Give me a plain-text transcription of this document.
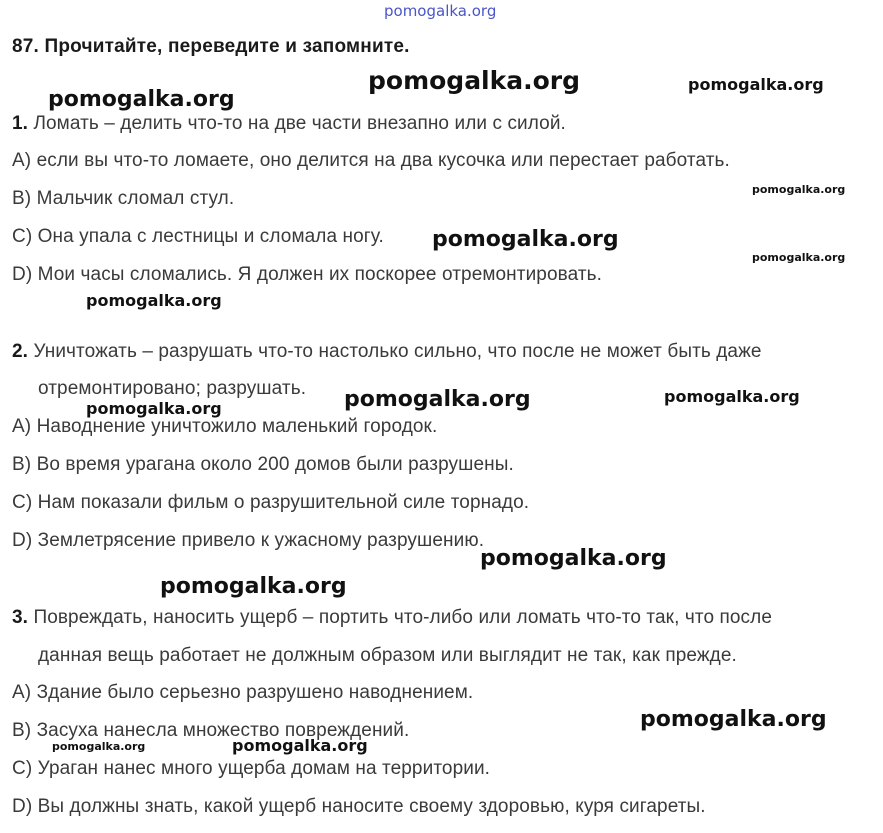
pomogalka.org
87. Прочитайте, переведите и запомните.
1. Ломать – делить что-то на две части внезапно или с силой.
A) если вы что-то ломаете, оно делится на два кусочка или перестает работать.
B) Мальчик сломал стул.
C) Она упала с лестницы и сломала ногу.
D) Мои часы сломались. Я должен их поскорее отремонтировать.
2. Уничтожать – разрушать что-то настолько сильно, что после не может быть даже
отремонтировано; разрушать.
A) Наводнение уничтожило маленький городок.
B) Во время урагана около 200 домов были разрушены.
C) Нам показали фильм о разрушительной силе торнадо.
D) Землетрясение привело к ужасному разрушению.
3. Повреждать, наносить ущерб – портить что-либо или ломать что-то так, что после
данная вещь работает не должным образом или выглядит не так, как прежде.
A) Здание было серьезно разрушено наводнением.
B) Засуха нанесла множество повреждений.
C) Ураган нанес много ущерба домам на территории.
D) Вы должны знать, какой ущерб наносите своему здоровью, куря сигареты.
pomogalka.org	pomogalka.org
pomogalka.org
pomogalka.org
pomogalka.org
pomogalka.org
pomogalka.org
pomogalka.org	pomogalka.org
pomogalka.org
pomogalka.org
pomogalka.org
pomogalka.org
pomogalka.org
pomogalka.org
